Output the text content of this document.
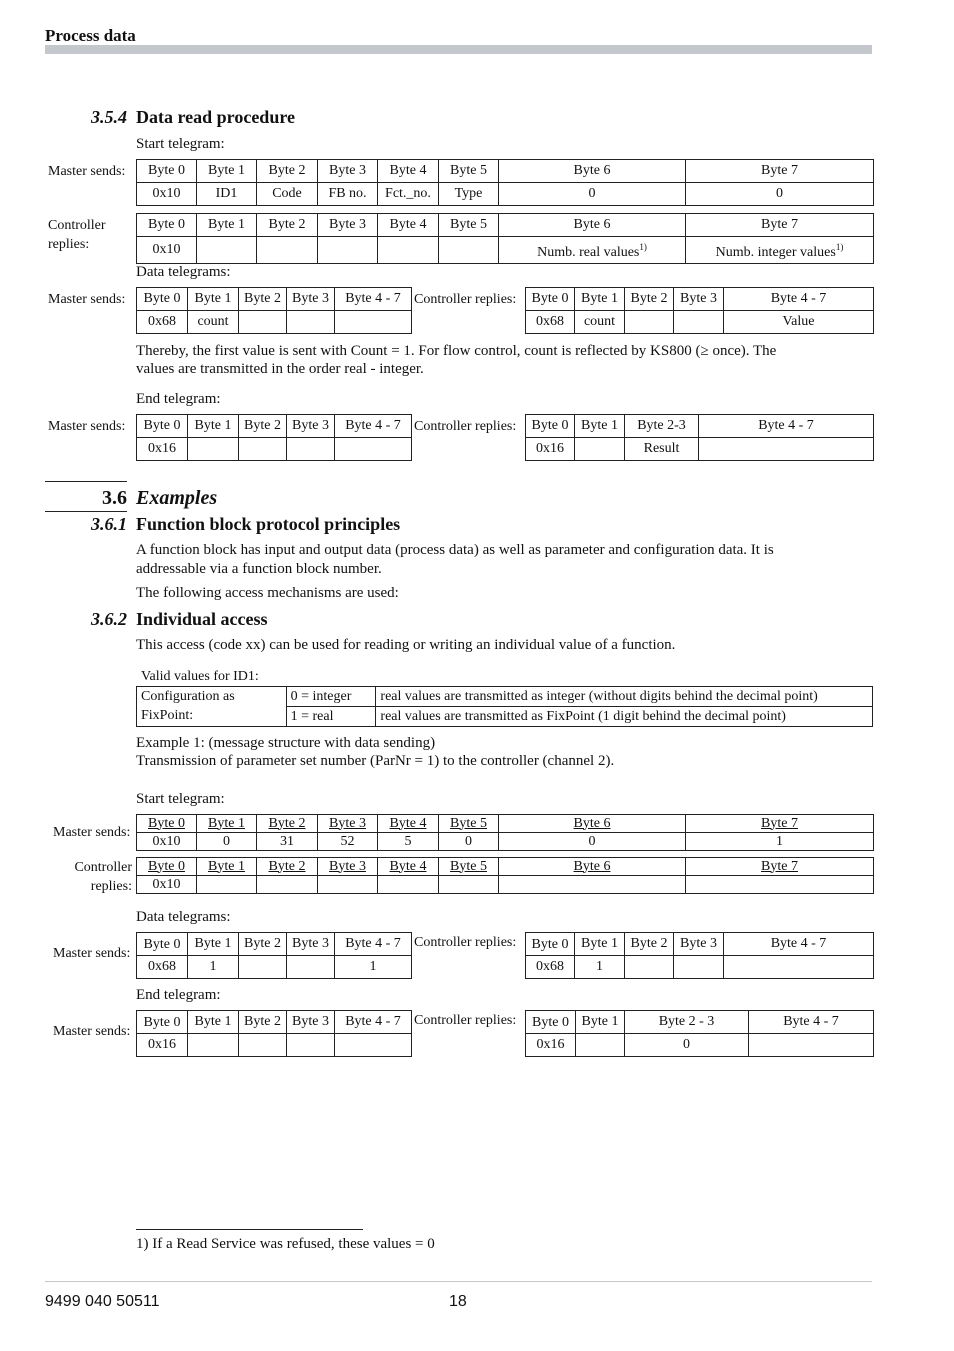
Process data
3.5.4 Data read procedure
Start telegram:
Master sends: Byte 0	Byte 1	Byte 2	Byte 3	Byte 4	Byte 5	Byte 6	Byte 7
0x10	ID1	Code	FB no.	Fct._no.	Type	0	0
Controller
replies:
Byte 0	Byte 1	Byte 2	Byte 3	Byte 4	Byte 5	Byte 6	Byte 7
0x10						Numb. real values$^{1)}$	Numb. integer values$^{1)}$
Data telegrams:
Master sends: Byte 0	Byte 1	Byte 2	Byte 3	Byte 4 - 7
0x68	count			
Controller replies: Byte 0	Byte 1	Byte 2	Byte 3	Byte 4 - 7
0x68	count			Value
Thereby, the first value is sent with Count = 1. For flow control, count is reflected by KS800 (≥ once). The
values are transmitted in the order real - integer.
End telegram:
Master sends: Byte 0	Byte 1	Byte 2	Byte 3	Byte 4 - 7
0x16				
Controller replies: Byte 0	Byte 1	Byte 2-3	Byte 4 - 7
0x16		Result	
3.6 Examples
3.6.1 Function block protocol principles
A function block has input and output data (process data) as well as parameter and configuration data. It is
addressable via a function block number.
The following access mechanisms are used:
3.6.2 Individual access
This access (code xx) can be used for reading or writing an individual value of a function.
Valid values for ID1:
Configuration as
FixPoint:	0 = integer	real values are transmitted as integer (without digits behind the decimal point)
	1 = real	real values are transmitted as FixPoint (1 digit behind the decimal point)
Example 1: (message structure with data sending)
Transmission of parameter set number (ParNr = 1) to the controller (channel 2).
Start telegram:
Master sends:
Byte 0	Byte 1	Byte 2	Byte 3	Byte 4	Byte 5	Byte 6	Byte 7
0x10	0	31	52	5	0	0	1
Controller
replies:
Byte 0	Byte 1	Byte 2	Byte 3	Byte 4	Byte 5	Byte 6	Byte 7
0x10							
Data telegrams:
Master sends:
Byte 0	Byte 1	Byte 2	Byte 3	Byte 4 - 7
0x68	1			1
Controller replies: Byte 0	Byte 1	Byte 2	Byte 3	Byte 4 - 7
0x68	1			
End telegram:
Master sends:
Byte 0	Byte 1	Byte 2	Byte 3	Byte 4 - 7
0x16				
Controller replies: Byte 0	Byte 1	Byte 2 - 3	Byte 4 - 7
0x16		0	
1) If a Read Service was refused, these values = 0
9499 040 50511	18
